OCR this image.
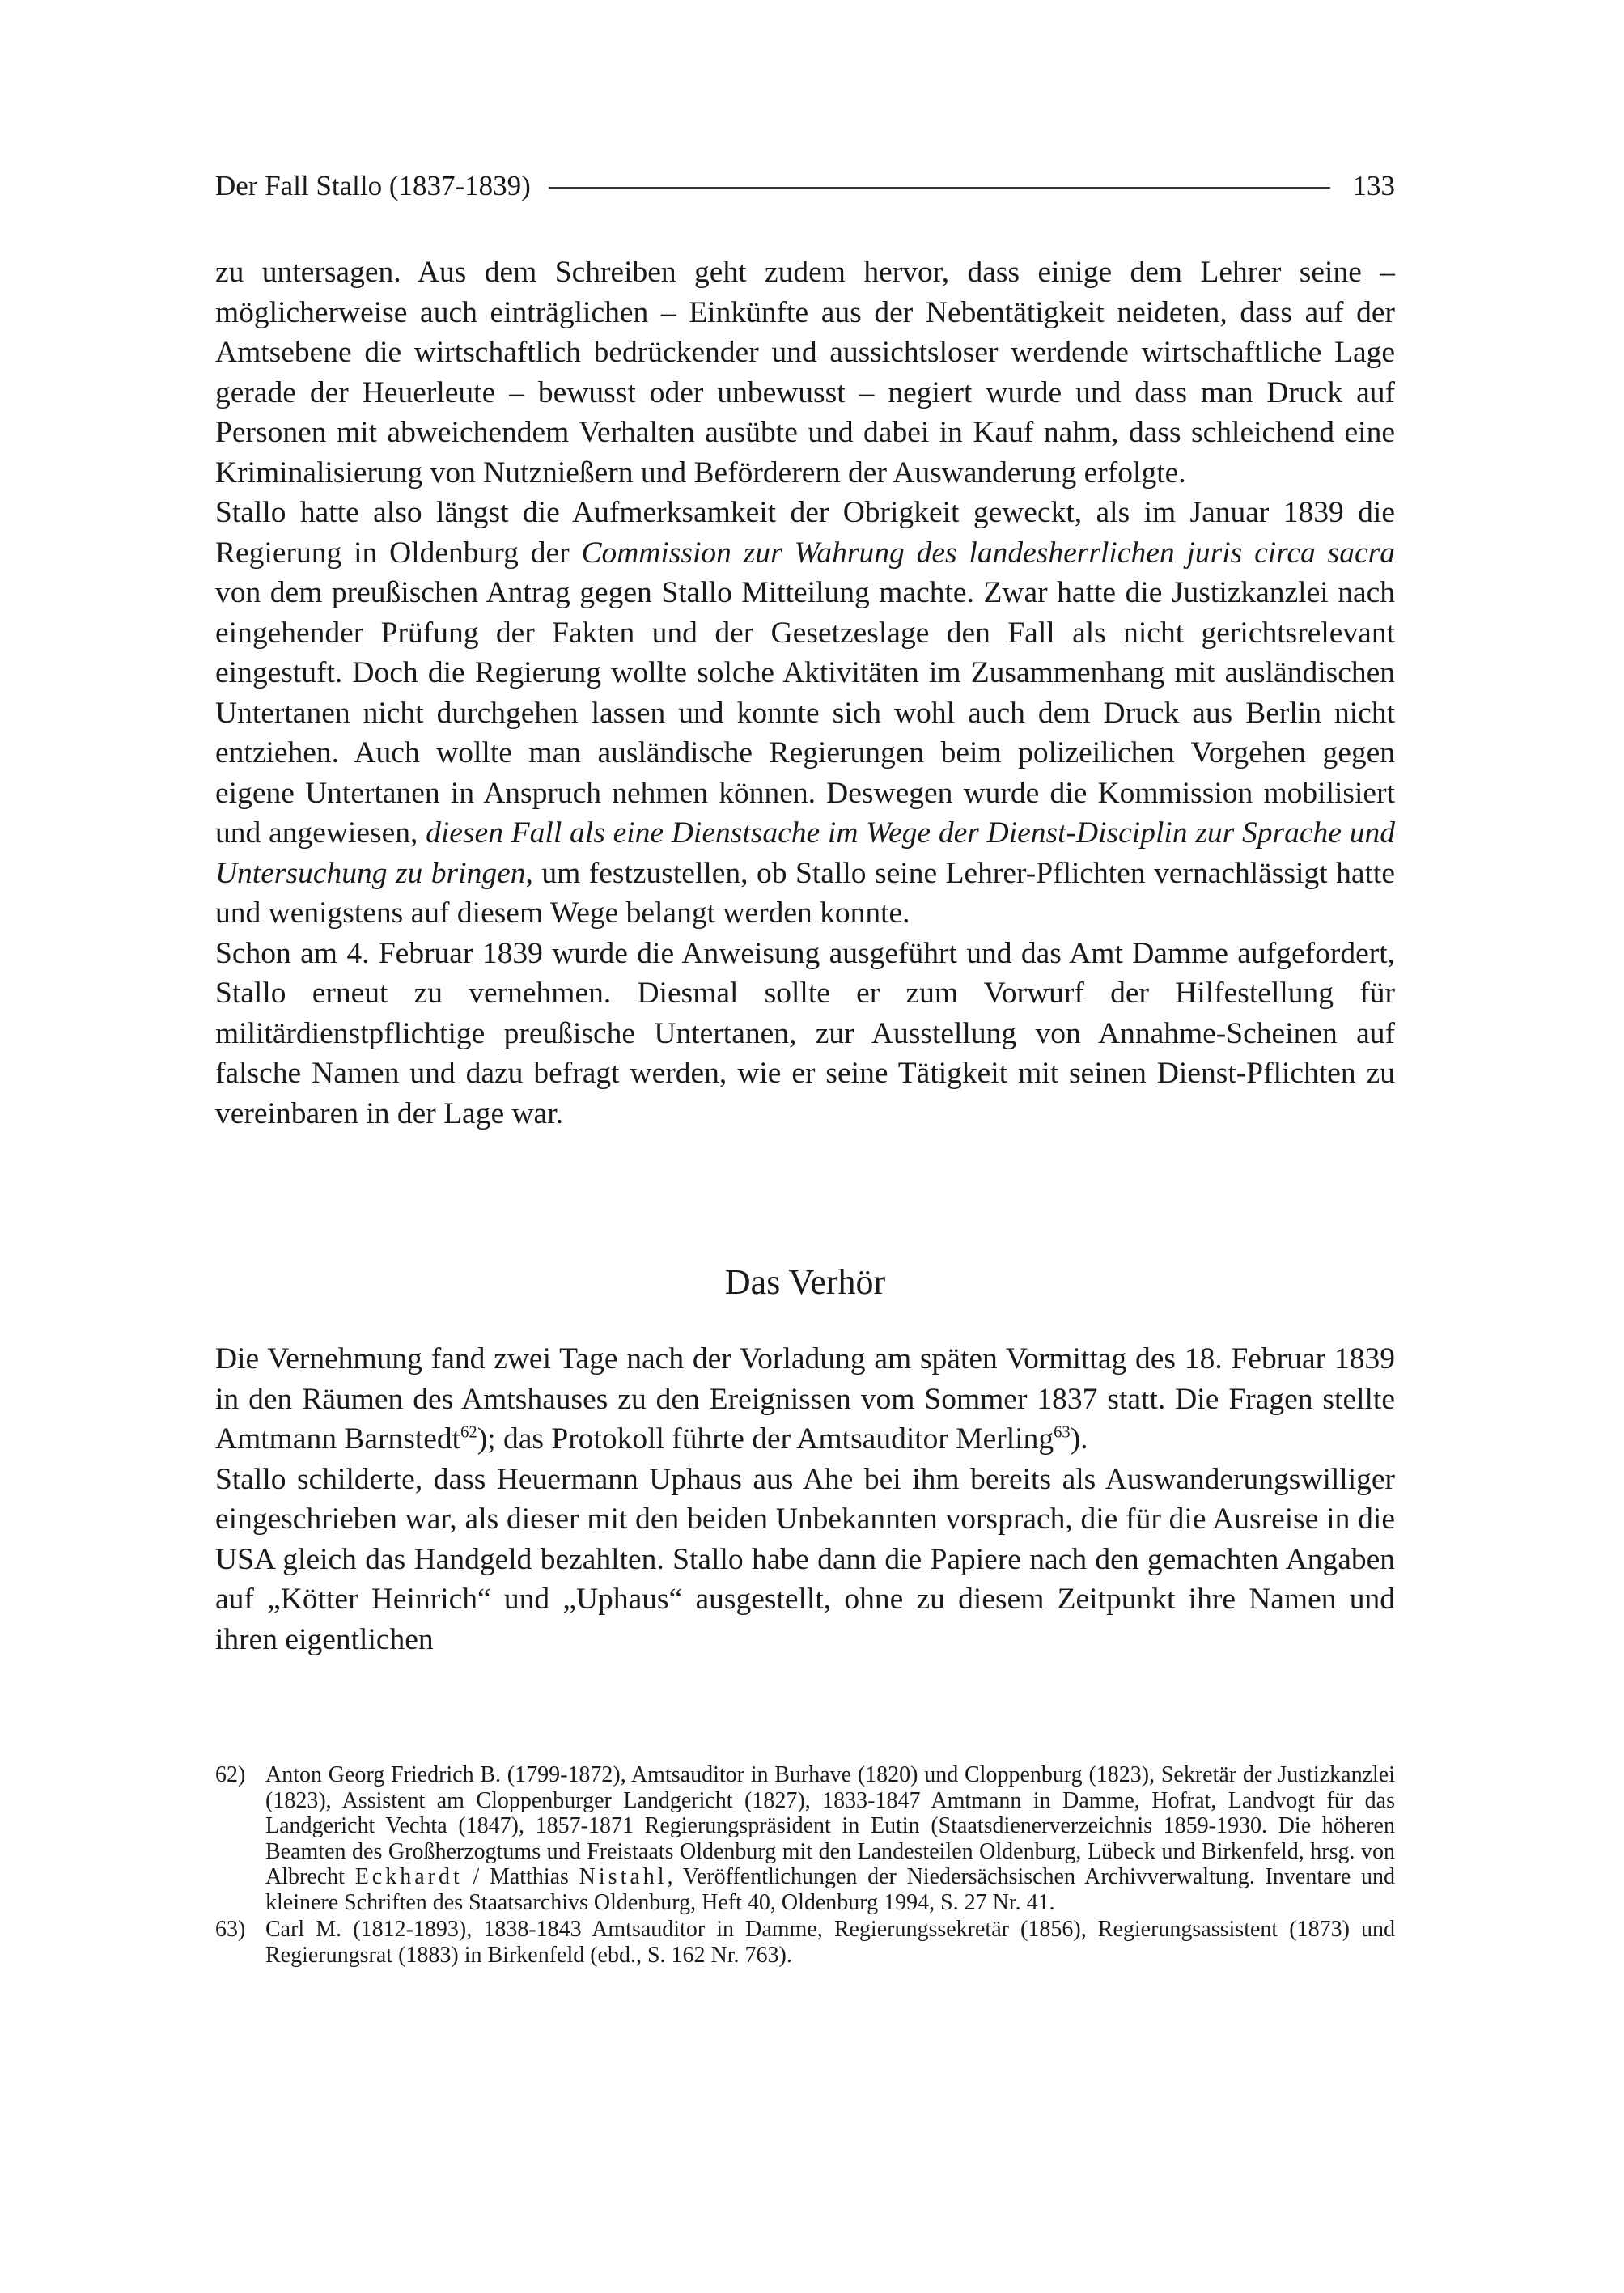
Der Fall Stallo (1837-1839)	133

zu untersagen. Aus dem Schreiben geht zudem hervor, dass einige dem Lehrer seine – möglicherweise auch einträglichen – Einkünfte aus der Nebentätigkeit neideten, dass auf der Amtsebene die wirtschaftlich bedrückender und aussichtsloser werdende wirtschaftliche Lage gerade der Heuerleute – bewusst oder unbewusst – negiert wurde und dass man Druck auf Personen mit abweichendem Verhalten ausübte und dabei in Kauf nahm, dass schleichend eine Kriminalisierung von Nutznießern und Beförderern der Auswanderung erfolgte.

Stallo hatte also längst die Aufmerksamkeit der Obrigkeit geweckt, als im Januar 1839 die Regierung in Oldenburg der Commission zur Wahrung des landesherrlichen juris circa sacra von dem preußischen Antrag gegen Stallo Mitteilung machte. Zwar hatte die Justizkanzlei nach eingehender Prüfung der Fakten und der Gesetzeslage den Fall als nicht gerichtsrelevant eingestuft. Doch die Regierung wollte solche Aktivitäten im Zusammenhang mit ausländischen Untertanen nicht durchgehen lassen und konnte sich wohl auch dem Druck aus Berlin nicht entziehen. Auch wollte man ausländische Regierungen beim polizeilichen Vorgehen gegen eigene Untertanen in Anspruch nehmen können. Deswegen wurde die Kommission mobilisiert und angewiesen, diesen Fall als eine Dienstsache im Wege der Dienst-Disciplin zur Sprache und Untersuchung zu bringen, um festzustellen, ob Stallo seine Lehrer-Pflichten vernachlässigt hatte und wenigstens auf diesem Wege belangt werden konnte.

Schon am 4. Februar 1839 wurde die Anweisung ausgeführt und das Amt Damme aufgefordert, Stallo erneut zu vernehmen. Diesmal sollte er zum Vorwurf der Hilfestellung für militärdienstpflichtige preußische Untertanen, zur Ausstellung von Annahme-Scheinen auf falsche Namen und dazu befragt werden, wie er seine Tätigkeit mit seinen Dienst-Pflichten zu vereinbaren in der Lage war.

Das Verhör

Die Vernehmung fand zwei Tage nach der Vorladung am späten Vormittag des 18. Februar 1839 in den Räumen des Amtshauses zu den Ereignissen vom Sommer 1837 statt. Die Fragen stellte Amtmann Barnstedt$^{62}$); das Protokoll führte der Amtsauditor Merling$^{63}$).

Stallo schilderte, dass Heuermann Uphaus aus Ahe bei ihm bereits als Auswanderungswilliger eingeschrieben war, als dieser mit den beiden Unbekannten vorsprach, die für die Ausreise in die USA gleich das Handgeld bezahlten. Stallo habe dann die Papiere nach den gemachten Angaben auf „Kötter Heinrich“ und „Uphaus“ ausgestellt, ohne zu diesem Zeitpunkt ihre Namen und ihren eigentlichen

62) Anton Georg Friedrich B. (1799-1872), Amtsauditor in Burhave (1820) und Cloppenburg (1823), Sekretär der Justizkanzlei (1823), Assistent am Cloppenburger Landgericht (1827), 1833-1847 Amtmann in Damme, Hofrat, Landvogt für das Landgericht Vechta (1847), 1857-1871 Regierungspräsident in Eutin (Staatsdienerverzeichnis 1859-1930. Die höheren Beamten des Großherzogtums und Freistaats Oldenburg mit den Landesteilen Oldenburg, Lübeck und Birkenfeld, hrsg. von Albrecht Eckhardt / Matthias Nistahl, Veröffentlichungen der Niedersächsischen Archivverwaltung. Inventare und kleinere Schriften des Staatsarchivs Oldenburg, Heft 40, Oldenburg 1994, S. 27 Nr. 41.
63) Carl M. (1812-1893), 1838-1843 Amtsauditor in Damme, Regierungssekretär (1856), Regierungsassistent (1873) und Regierungsrat (1883) in Birkenfeld (ebd., S. 162 Nr. 763).
